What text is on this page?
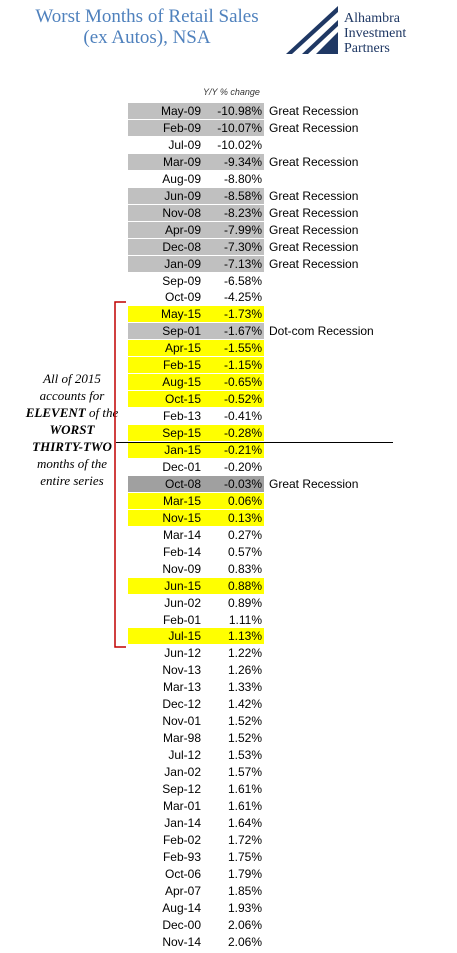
Worst Months of Retail Sales
(ex Autos), NSA
Alhambra
Investment
Partners
Y/Y % change
May-09	-10.98% Great Recession
Feb-09	-10.07% Great Recession
Jul-09	-10.02%
Mar-09	-9.34% Great Recession
Aug-09	-8.80%
Jun-09	-8.58% Great Recession
Nov-08	-8.23% Great Recession
Apr-09	-7.99% Great Recession
Dec-08	-7.30% Great Recession
Jan-09	-7.13% Great Recession
Sep-09	-6.58%
Oct-09	-4.25%
May-15	-1.73%
Sep-01	-1.67% Dot-com Recession
Apr-15	-1.55%
Feb-15	-1.15%
Aug-15	-0.65%
Oct-15	-0.52%
Feb-13	-0.41%
Sep-15	-0.28%
Jan-15	-0.21%
Dec-01	-0.20%
Oct-08	-0.03% Great Recession
Mar-15	0.06%
Nov-15	0.13%
Mar-14	0.27%
Feb-14	0.57%
Nov-09	0.83%
Jun-15	0.88%
Jun-02	0.89%
Feb-01	1.11%
Jul-15	1.13%
Jun-12	1.22%
Nov-13	1.26%
Mar-13	1.33%
Dec-12	1.42%
Nov-01	1.52%
Mar-98	1.52%
Jul-12	1.53%
Jan-02	1.57%
Sep-12	1.61%
Mar-01	1.61%
Jan-14	1.64%
Feb-02	1.72%
Feb-93	1.75%
Oct-06	1.79%
Apr-07	1.85%
Aug-14	1.93%
Dec-00	2.06%
Nov-14	2.06%
All of 2015 accounts for ELEVENT of the WORST THIRTY-TWO months of the entire series
